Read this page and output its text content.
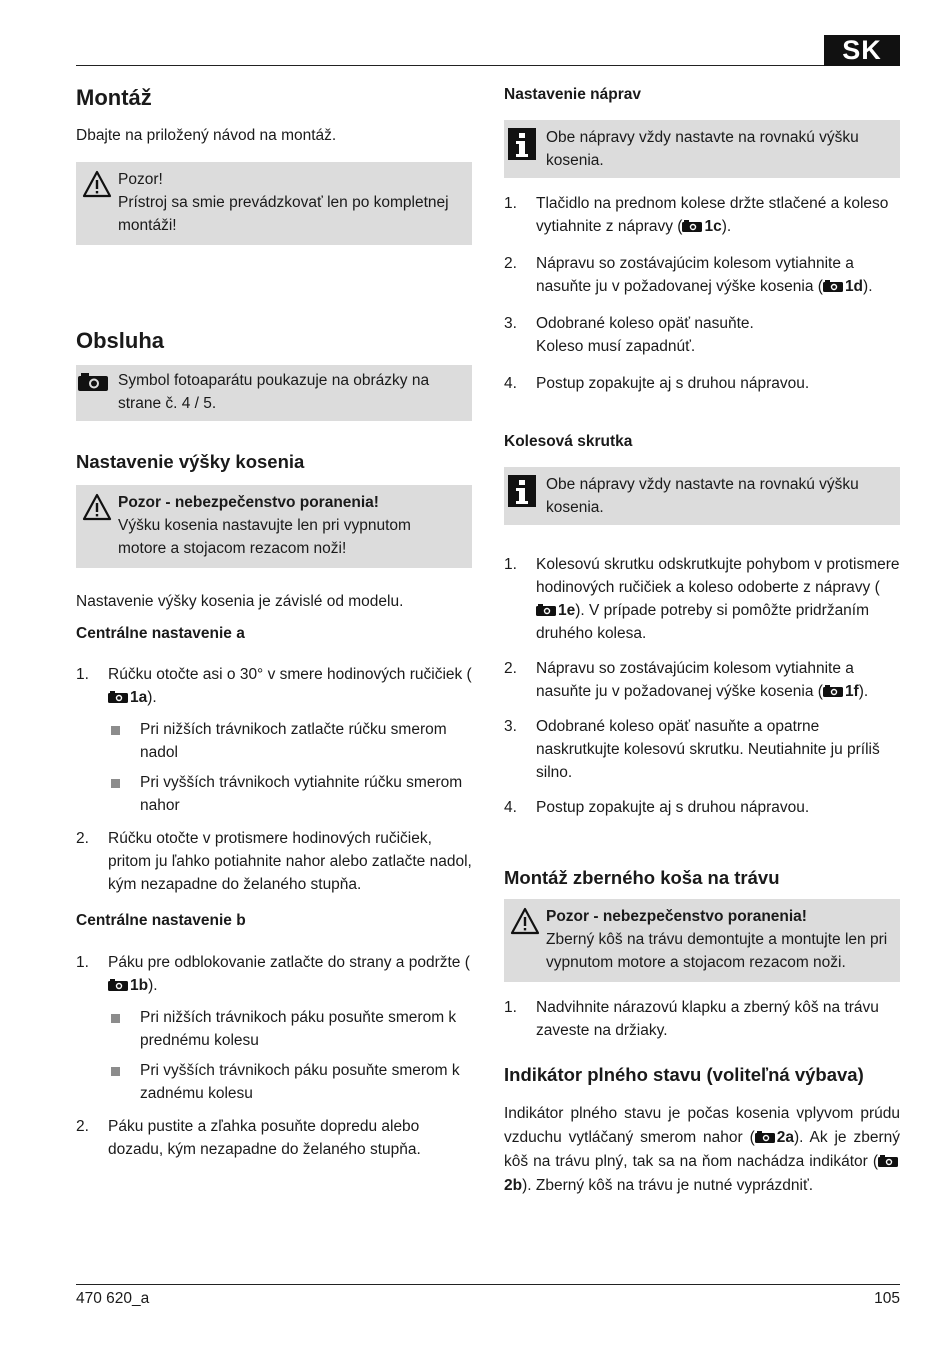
SK
Montáž

Dbajte na priložený návod na montáž.

Pozor!
Prístroj sa smie prevádzkovať len po kompletnej montáži!
Obsluha
Symbol fotoaparátu poukazuje na obrázky na strane č. 4 / 5.
Nastavenie výšky kosenia
Pozor - nebezpečenstvo poranenia!
Výšku kosenia nastavujte len pri vypnutom motore a stojacom rezacom noži!

Nastavenie výšky kosenia je závislé od modelu.

Centrálne nastavenie a
1. Rúčku otočte asi o 30° v smere hodinových ručičiek (1a).
Pri nižších trávnikoch zatlačte rúčku smerom nadol
Pri vyšších trávnikoch vytiahnite rúčku smerom nahor
2. Rúčku otočte v protismere hodinových ručičiek, pritom ju ľahko potiahnite nahor alebo zatlačte nadol, kým nezapadne do želaného stupňa.
Centrálne nastavenie b
1. Páku pre odblokovanie zatlačte do strany a podržte (1b).
Pri nižších trávnikoch páku posuňte smerom k prednému kolesu
Pri vyšších trávnikoch páku posuňte smerom k zadnému kolesu
2. Páku pustite a zľahka posuňte dopredu alebo dozadu, kým nezapadne do želaného stupňa.
Nastavenie náprav
Obe nápravy vždy nastavte na rovnakú výšku kosenia.
1. Tlačidlo na prednom kolese držte stlačené a koleso vytiahnite z nápravy ( 1c).
2. Nápravu so zostávajúcim kolesom vytiahnite a nasuňte ju v požadovanej výške kosenia ( 1d).
3. Odobrané koleso opäť nasuňte.
Koleso musí zapadnúť.
4. Postup zopakujte aj s druhou nápravou.
Kolesová skrutka
Obe nápravy vždy nastavte na rovnakú výšku kosenia.
1. Kolesovú skrutku odskrutkujte pohybom v protismere hodinových ručičiek a koleso odoberte z nápravy (1e). V prípade potreby si pomôžte pridržaním druhého kolesa.
2. Nápravu so zostávajúcim kolesom vytiahnite a nasuňte ju v požadovanej výške kosenia ( 1f).
3. Odobrané koleso opäť nasuňte a opatrne naskrutkujte kolesovú skrutku. Neutiahnite ju príliš silno.
4. Postup zopakujte aj s druhou nápravou.
Montáž zberného koša na trávu
Pozor - nebezpečenstvo poranenia!
Zberný kôš na trávu demontujte a montujte len pri vypnutom motore a stojacom rezacom noži.
1. Nadvihnite nárazovú klapku a zberný kôš na trávu zaveste na držiaky.
Indikátor plného stavu (voliteľná výbava)

Indikátor plného stavu je počas kosenia vplyvom prúdu vzduchu vytláčaný smerom nahor ( 2a). Ak je zberný kôš na trávu plný, tak sa na ňom nachádza indikátor (2b). Zberný kôš na trávu je nutné vyprázdniť.

470 620_a	105
